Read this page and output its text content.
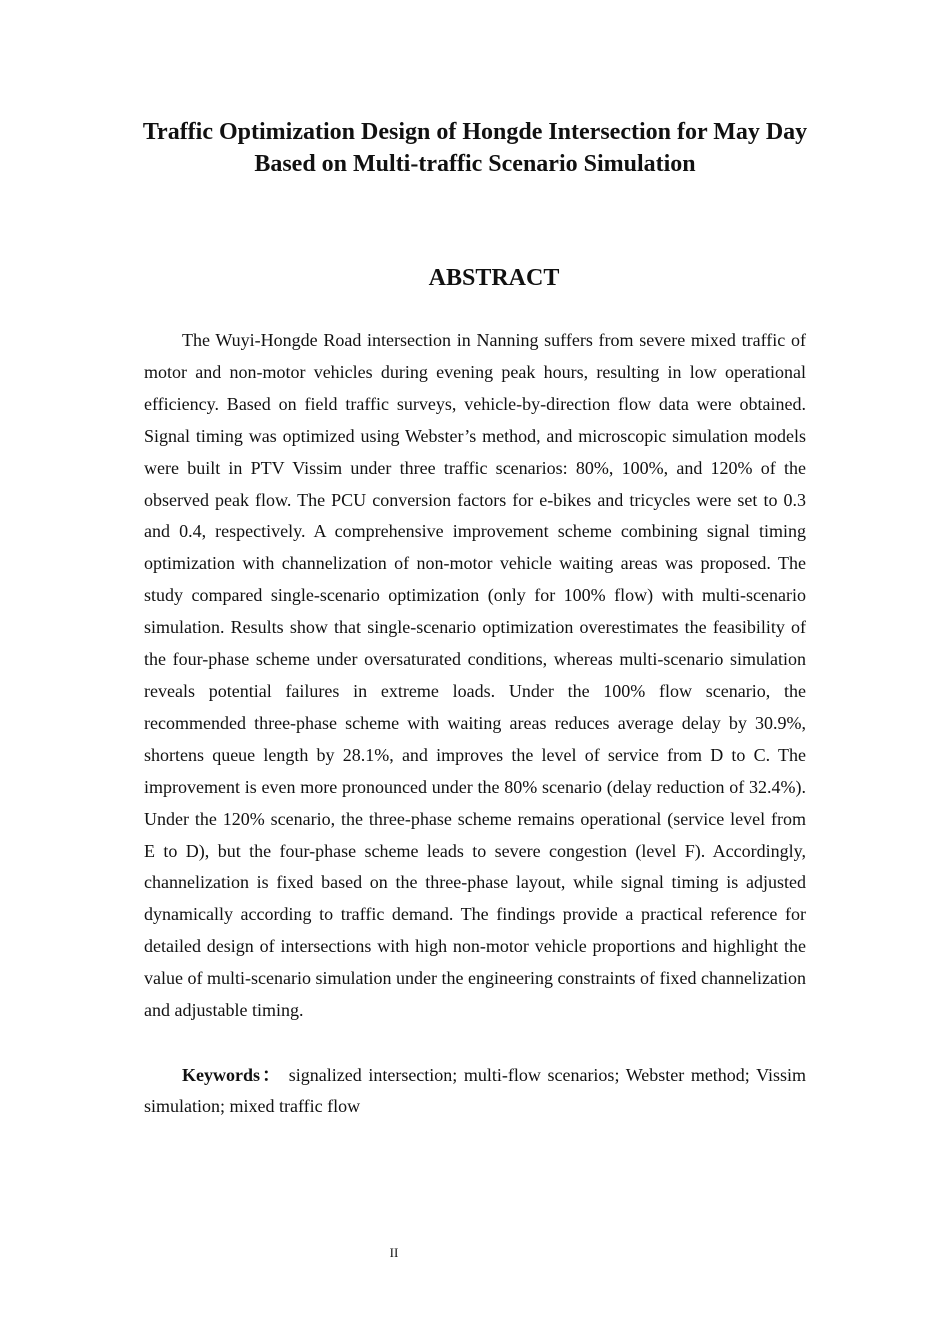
Traffic Optimization Design of Hongde Intersection for May Day Based on Multi-traffic Scenario Simulation
ABSTRACT

The Wuyi-Hongde Road intersection in Nanning suffers from severe mixed traffic of motor and non-motor vehicles during evening peak hours, resulting in low operational efficiency. Based on field traffic surveys, vehicle-by-direction flow data were obtained. Signal timing was optimized using Webster’s method, and microscopic simulation models were built in PTV Vissim under three traffic scenarios: 80%, 100%, and 120% of the observed peak flow. The PCU conversion factors for e-bikes and tricycles were set to 0.3 and 0.4, respectively. A comprehensive improvement scheme combining signal timing optimization with channelization of non-motor vehicle waiting areas was proposed. The study compared single-scenario optimization (only for 100% flow) with multi-scenario simulation. Results show that single-scenario optimization overestimates the feasibility of the four-phase scheme under oversaturated conditions, whereas multi-scenario simulation reveals potential failures in extreme loads. Under the 100% flow scenario, the recommended three-phase scheme with waiting areas reduces average delay by 30.9%, shortens queue length by 28.1%, and improves the level of service from D to C. The improvement is even more pronounced under the 80% scenario (delay reduction of 32.4%). Under the 120% scenario, the three-phase scheme remains operational (service level from E to D), but the four-phase scheme leads to severe congestion (level F). Accordingly, channelization is fixed based on the three-phase layout, while signal timing is adjusted dynamically according to traffic demand. The findings provide a practical reference for detailed design of intersections with high non-motor vehicle proportions and highlight the value of multi-scenario simulation under the engineering constraints of fixed channelization and adjustable timing.

Keywords： signalized intersection; multi-flow scenarios; Webster method; Vissim simulation; mixed traffic flow

II
